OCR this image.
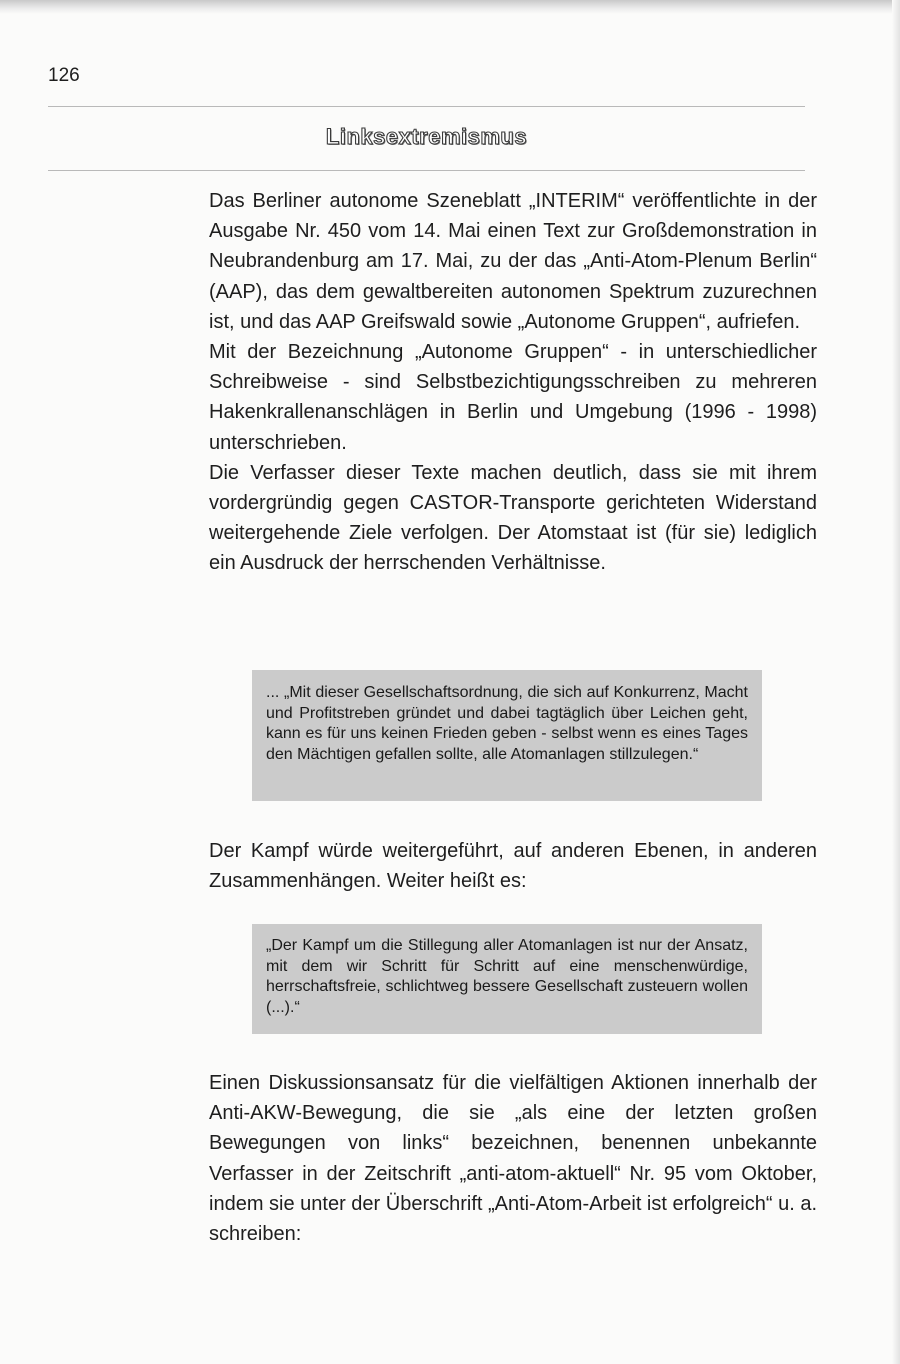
126
Linksextremismus

Das Berliner autonome Szeneblatt „INTERIM“ veröffentlichte in der Ausgabe Nr. 450 vom 14. Mai einen Text zur Großdemonstration in Neubrandenburg am 17. Mai, zu der das „Anti-Atom-Plenum Berlin“ (AAP), das dem gewaltbereiten autonomen Spektrum zuzurechnen ist, und das AAP Greifswald sowie „Autonome Gruppen“, aufriefen.

Mit der Bezeichnung „Autonome Gruppen“ - in unterschiedlicher Schreibweise - sind Selbstbezichtigungsschreiben zu mehreren Hakenkrallenanschlägen in Berlin und Umgebung (1996 - 1998) unterschrieben.

Die Verfasser dieser Texte machen deutlich, dass sie mit ihrem vordergründig gegen CASTOR-Transporte gerichteten Widerstand weitergehende Ziele verfolgen. Der Atomstaat ist (für sie) lediglich ein Ausdruck der herrschenden Verhältnisse.

... „Mit dieser Gesellschaftsordnung, die sich auf Konkurrenz, Macht und Profitstreben gründet und dabei tagtäglich über Leichen geht, kann es für uns keinen Frieden geben - selbst wenn es eines Tages den Mächtigen gefallen sollte, alle Atomanlagen stillzulegen.“

Der Kampf würde weitergeführt, auf anderen Ebenen, in anderen Zusammenhängen. Weiter heißt es:

„Der Kampf um die Stillegung aller Atomanlagen ist nur der Ansatz, mit dem wir Schritt für Schritt auf eine menschenwürdige, herrschaftsfreie, schlichtweg bessere Gesellschaft zusteuern wollen (...).“

Einen Diskussionsansatz für die vielfältigen Aktionen innerhalb der Anti-AKW-Bewegung, die sie „als eine der letzten großen Bewegungen von links“ bezeichnen, benennen unbekannte Verfasser in der Zeitschrift „anti-atom-aktuell“ Nr. 95 vom Oktober, indem sie unter der Überschrift „Anti-Atom-Arbeit ist erfolgreich“ u. a. schreiben:
